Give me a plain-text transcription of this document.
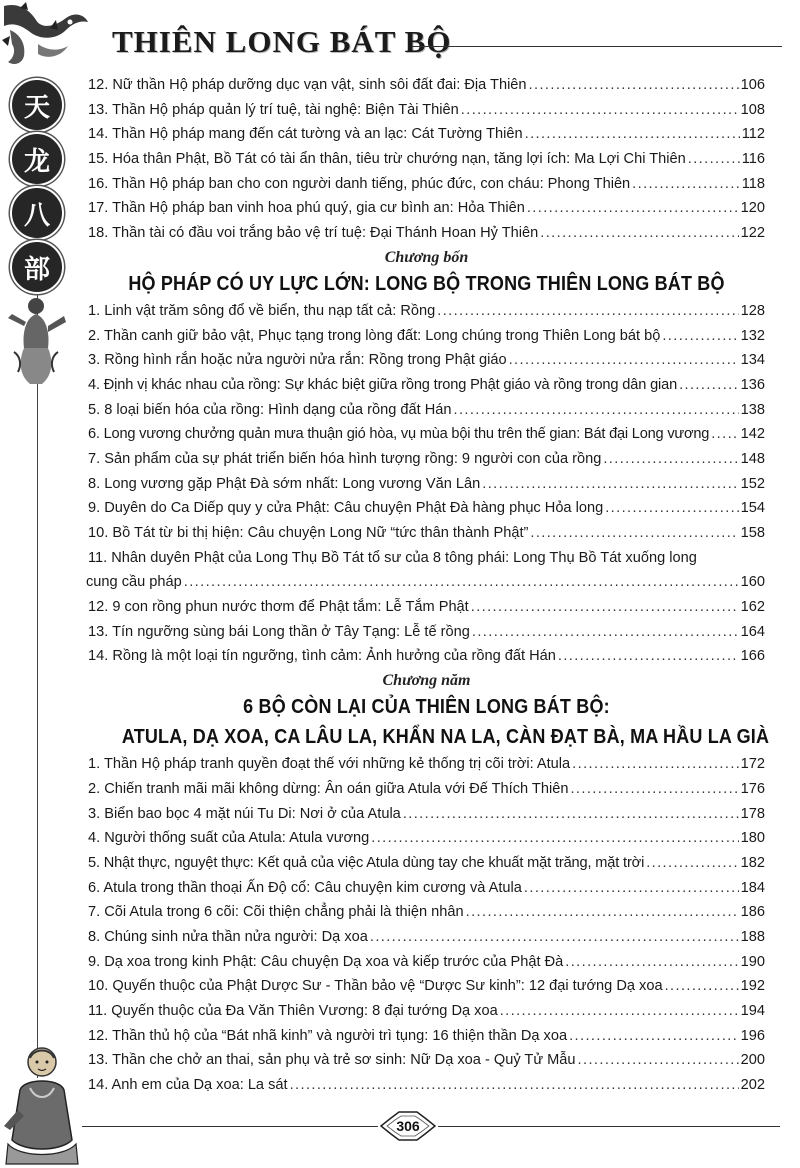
THIÊN LONG BÁT BỘ
天
龙
八
部
12. Nữ thần Hộ pháp dưỡng dục vạn vật, sinh sôi đất đai: Địa Thiên .....	106
13. Thần Hộ pháp quản lý trí tuệ, tài nghệ: Biện Tài Thiên .....	108
14. Thần Hộ pháp mang đến cát tường và an lạc: Cát Tường Thiên .....	112
15. Hóa thân Phật, Bồ Tát có tài ẩn thân, tiêu trừ chướng nạn, tăng lợi ích: Ma Lợi Chi Thiên .....	116
16. Thần Hộ pháp ban cho con người danh tiếng, phúc đức, con cháu: Phong Thiên .....	118
17. Thần Hộ pháp ban vinh hoa phú quý, gia cư bình an: Hỏa Thiên .....	120
18. Thần tài có đầu voi trắng bảo vệ trí tuệ: Đại Thánh Hoan Hỷ Thiên .....	122
Chương bốn
HỘ PHÁP CÓ UY LỰC LỚN: LONG BỘ TRONG THIÊN LONG BÁT BỘ
1. Linh vật trăm sông đổ về biển, thu nạp tất cả: Rồng .....	128
2. Thần canh giữ bảo vật, Phục tạng trong lòng đất: Long chúng trong Thiên Long bát bộ .....	132
3. Rồng hình rắn hoặc nửa người nửa rắn: Rồng trong Phật giáo .....	134
4. Định vị khác nhau của rồng: Sự khác biệt giữa rồng trong Phật giáo và rồng trong dân gian .....	136
5. 8 loại biến hóa của rồng: Hình dạng của rồng đất Hán .....	138
6. Long vương chưởng quản mưa thuận gió hòa, vụ mùa bội thu trên thế gian: Bát đại Long vương ..... 142
7. Sản phẩm của sự phát triển biến hóa hình tượng rồng: 9 người con của rồng .....	148
8. Long vương gặp Phật Đà sớm nhất: Long vương Văn Lân .....	152
9. Duyên do Ca Diếp quy y cửa Phật: Câu chuyện Phật Đà hàng phục Hỏa long .....	154
10. Bồ Tát từ bi thị hiện: Câu chuyện Long Nữ “tức thân thành Phật” .....	158
11. Nhân duyên Phật của Long Thụ Bồ Tát tổ sư của 8 tông phái: Long Thụ Bồ Tát xuống long
cung cầu pháp .....	160
12. 9 con rồng phun nước thơm để Phật tắm: Lễ Tắm Phật .....	162
13. Tín ngưỡng sùng bái Long thần ở Tây Tạng: Lễ tế rồng .....	164
14. Rồng là một loại tín ngưỡng, tình cảm: Ảnh hưởng của rồng đất Hán .....	166
Chương năm
6 BỘ CÒN LẠI CỦA THIÊN LONG BÁT BỘ:
ATULA, DẠ XOA, CA LÂU LA, KHẨN NA LA, CÀN ĐẠT BÀ, MA HẦU LA GIÀ
1. Thần Hộ pháp tranh quyền đoạt thế với những kẻ thống trị cõi trời: Atula .....	172
2. Chiến tranh mãi mãi không dừng: Ân oán giữa Atula với Đế Thích Thiên .....	176
3. Biển bao bọc 4 mặt núi Tu Di: Nơi ở của Atula .....	178
4. Người thống suất của Atula: Atula vương .....	180
5. Nhật thực, nguyệt thực: Kết quả của việc Atula dùng tay che khuất mặt trăng, mặt trời .....	182
6. Atula trong thần thoại Ấn Độ cổ: Câu chuyện kim cương và Atula .....	184
7. Cõi Atula trong 6 cõi: Cõi thiện chẳng phải là thiện nhân .....	186
8. Chúng sinh nửa thần nửa người: Dạ xoa .....	188
9. Dạ xoa trong kinh Phật: Câu chuyện Dạ xoa và kiếp trước của Phật Đà .....	190
10. Quyến thuộc của Phật Dược Sư - Thần bảo vệ “Dược Sư kinh”: 12 đại tướng Dạ xoa .....	192
11. Quyến thuộc của Đa Văn Thiên Vương: 8 đại tướng Dạ xoa .....	194
12. Thần thủ hộ của “Bát nhã kinh” và người trì tụng: 16 thiện thần Dạ xoa .....	196
13. Thần che chở an thai, sản phụ và trẻ sơ sinh: Nữ Dạ xoa - Quỷ Tử Mẫu .....	200
14. Anh em của Dạ xoa: La sát .....	202
306
